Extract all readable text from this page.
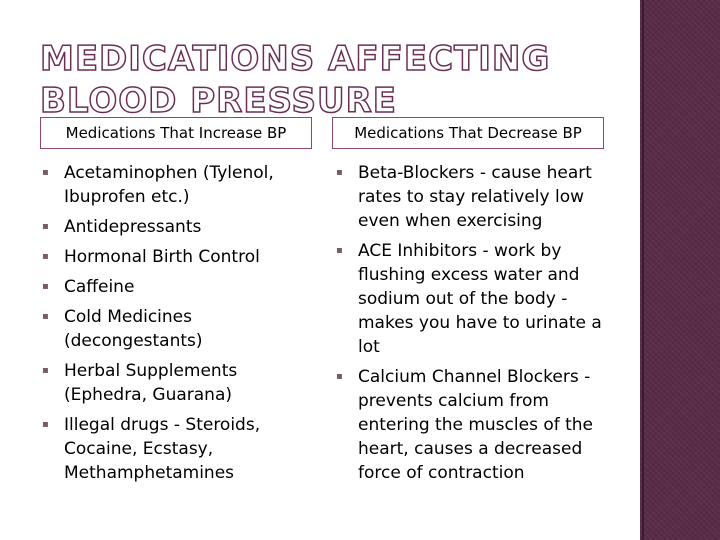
MEDICATIONS AFFECTING BLOOD PRESSURE
Medications That Increase BP	Medications That Decrease BP
▪ Acetaminophen (Tylenol, Ibuprofen etc.)
▪ Antidepressants
▪ Hormonal Birth Control
▪ Caffeine
▪ Cold Medicines (decongestants)
▪ Herbal Supplements (Ephedra, Guarana)
▪ Illegal drugs - Steroids, Cocaine, Ecstasy, Methamphetamines
▪ Beta-Blockers - cause heart rates to stay relatively low even when exercising
▪ ACE Inhibitors - work by flushing excess water and sodium out of the body - makes you have to urinate a lot
▪ Calcium Channel Blockers - prevents calcium from entering the muscles of the heart, causes a decreased force of contraction
